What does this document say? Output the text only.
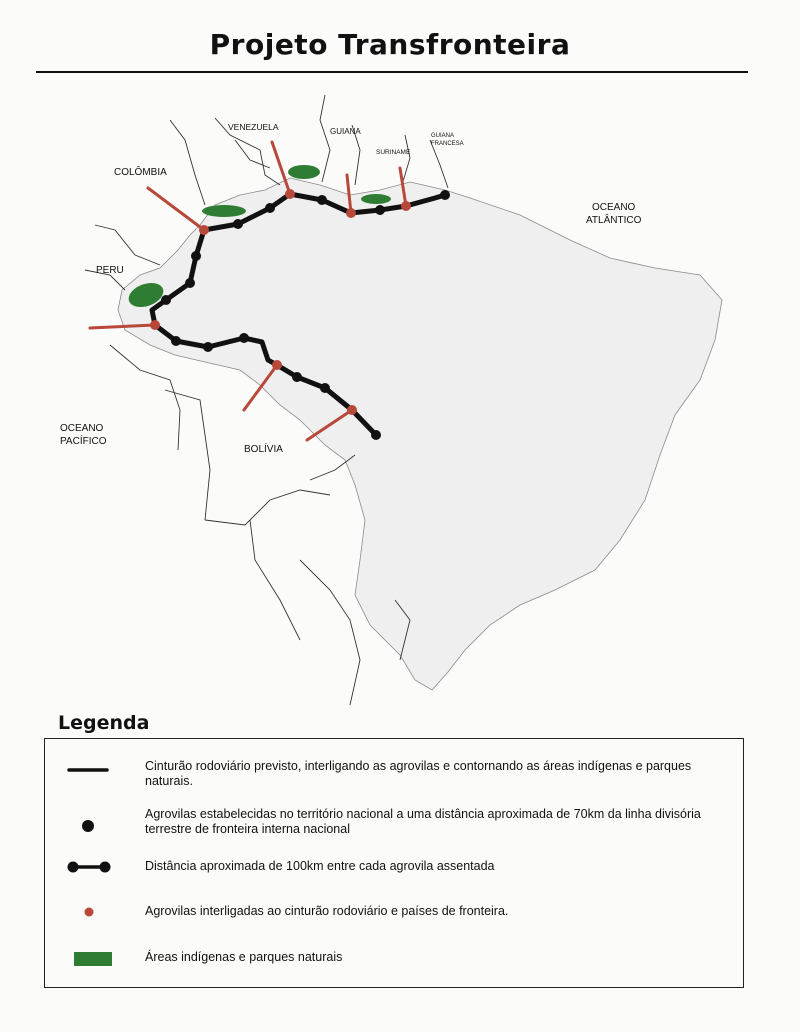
Projeto Transfronteira
VENEZUELA	GUIANA
SURINAME
GUIANA
FRANCESA
COLÔMBIA
OCEANO
ATLÂNTICO
PERU
OCEANO
PACÍFICO
BOLÍVIA
Legenda
Cinturão rodoviário previsto, interligando as agrovilas e contornando as áreas indígenas e parques naturais.
Agrovilas estabelecidas no território nacional a uma distância aproximada de 70km da linha divisória terrestre de fronteira interna nacional
Distância aproximada de 100km entre cada agrovila assentada
Agrovilas interligadas ao cinturão rodoviário e países de fronteira.
Áreas indígenas e parques naturais
